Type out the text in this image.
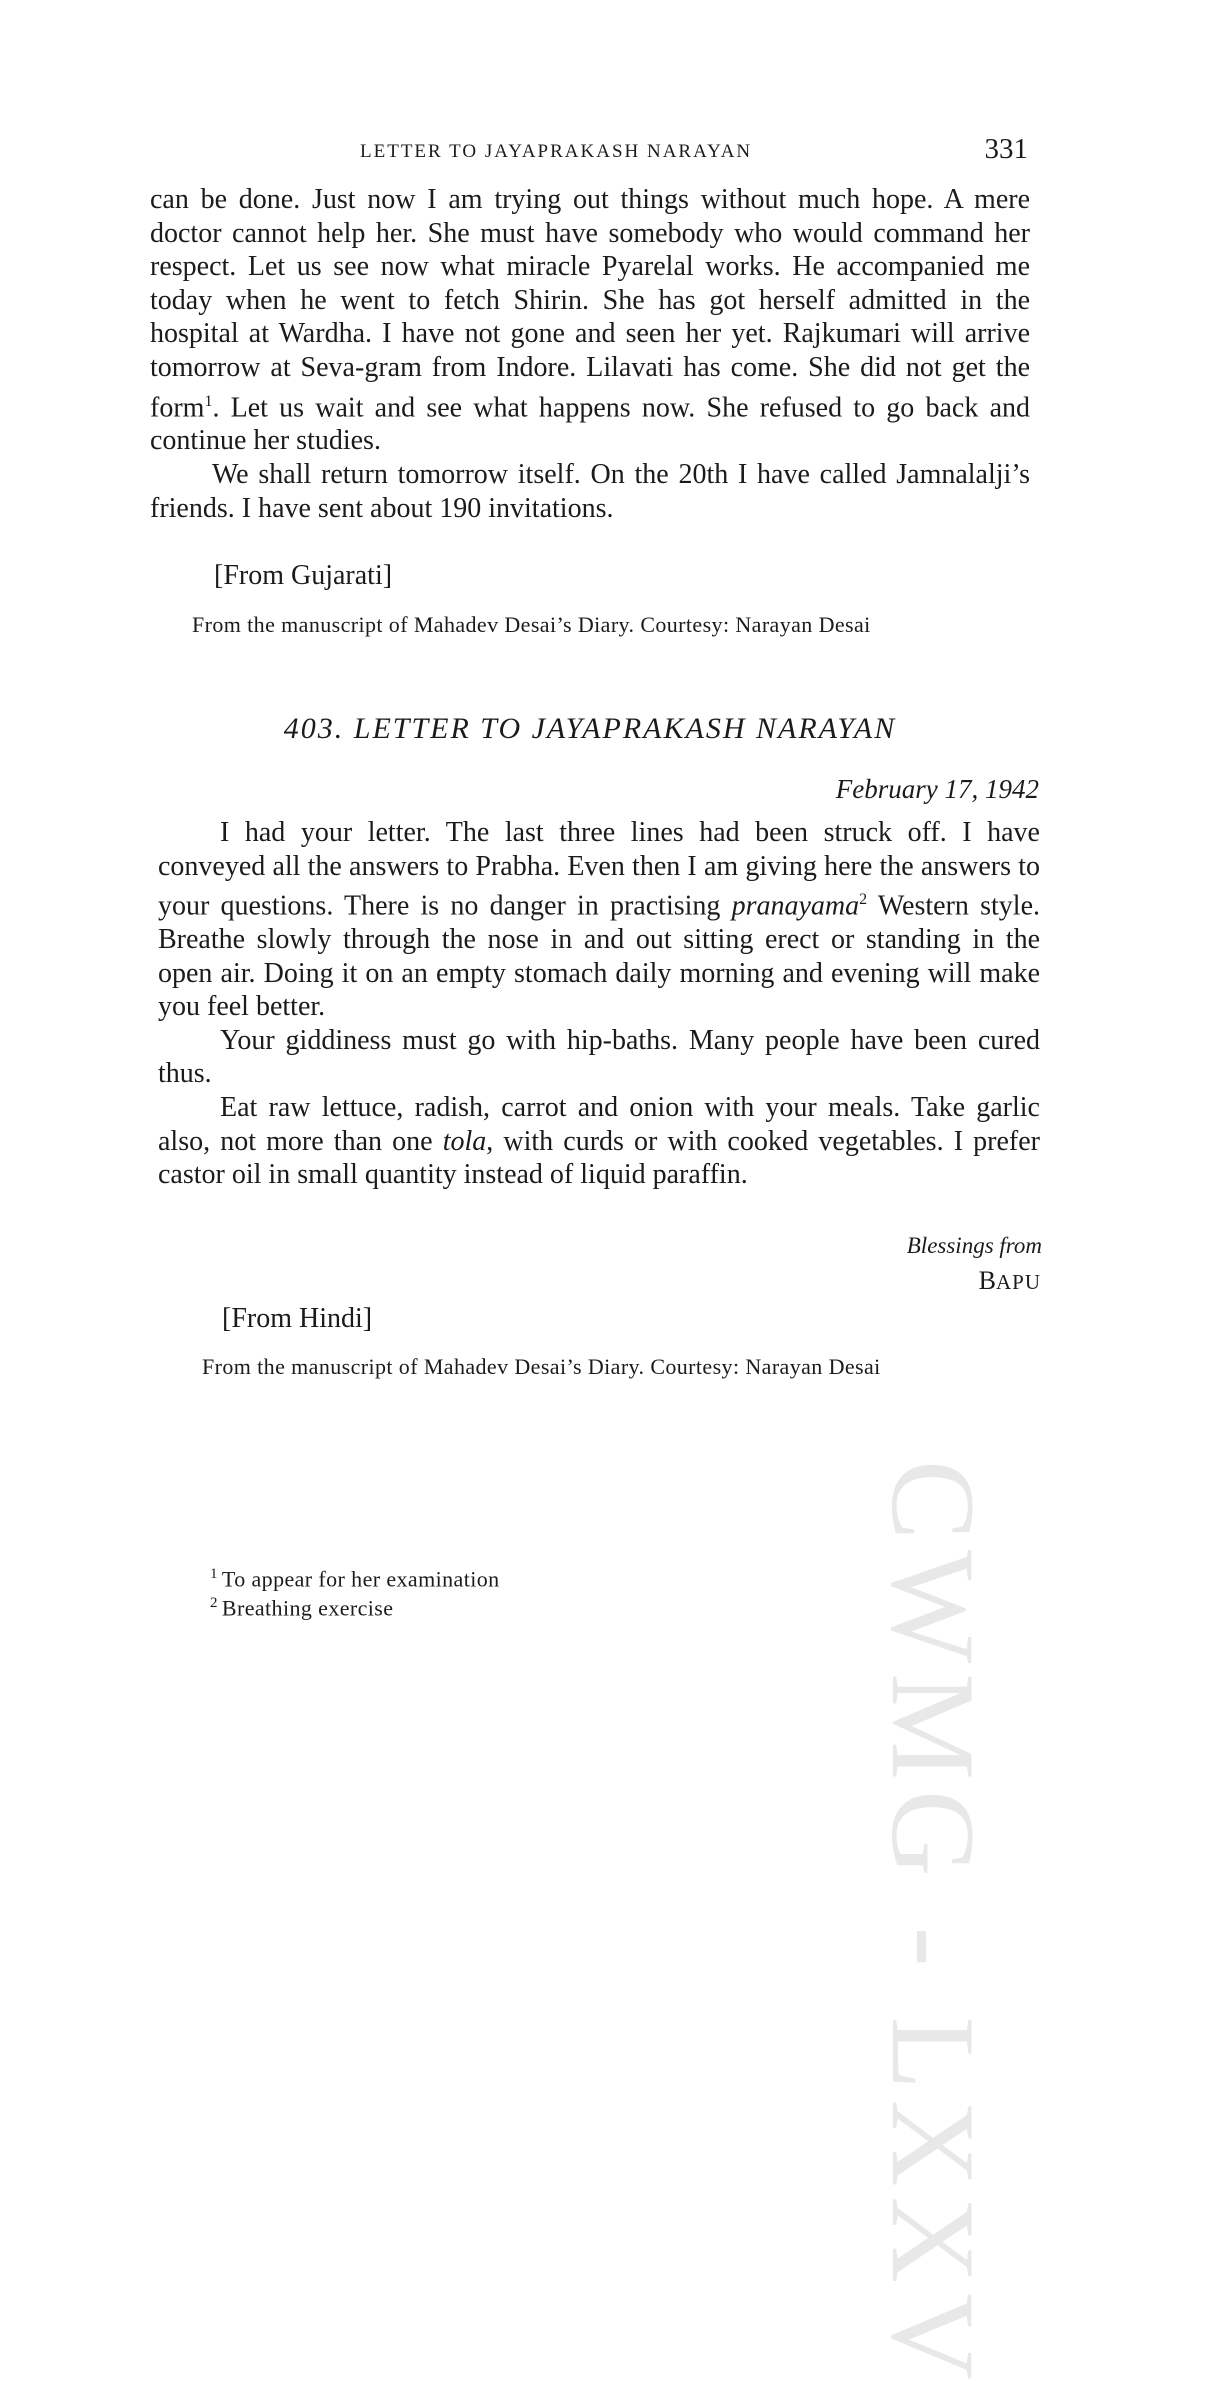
CWMG - LXXV
LETTER TO JAYAPRAKASH NARAYAN	331

can be done. Just now I am trying out things without much hope. A mere doctor cannot help her. She must have somebody who would command her respect. Let us see now what miracle Pyarelal works. He accompanied me today when he went to fetch Shirin. She has got herself admitted in the hospital at Wardha. I have not gone and seen her yet. Rajkumari will arrive tomorrow at Seva-gram from Indore. Lilavati has come. She did not get the form$^1$. Let us wait and see what happens now. She refused to go back and continue her studies.

We shall return tomorrow itself. On the 20th I have called Jamnalalji’s friends. I have sent about 190 invitations.

[From Gujarati]
From the manuscript of Mahadev Desai’s Diary. Courtesy: Narayan Desai
403. LETTER TO JAYAPRAKASH NARAYAN
February 17, 1942

I had your letter. The last three lines had been struck off. I have conveyed all the answers to Prabha. Even then I am giving here the answers to your questions. There is no danger in practising pranayama$^2$ Western style. Breathe slowly through the nose in and out sitting erect or standing in the open air. Doing it on an empty stomach daily morning and evening will make you feel better.

Your giddiness must go with hip-baths. Many people have been cured thus.

Eat raw lettuce, radish, carrot and onion with your meals. Take garlic also, not more than one tola, with curds or with cooked vegetables. I prefer castor oil in small quantity instead of liquid paraffin.

Blessings from
BAPU
[From Hindi]
From the manuscript of Mahadev Desai’s Diary. Courtesy: Narayan Desai
$^1$ To appear for her examination
$^2$ Breathing exercise
